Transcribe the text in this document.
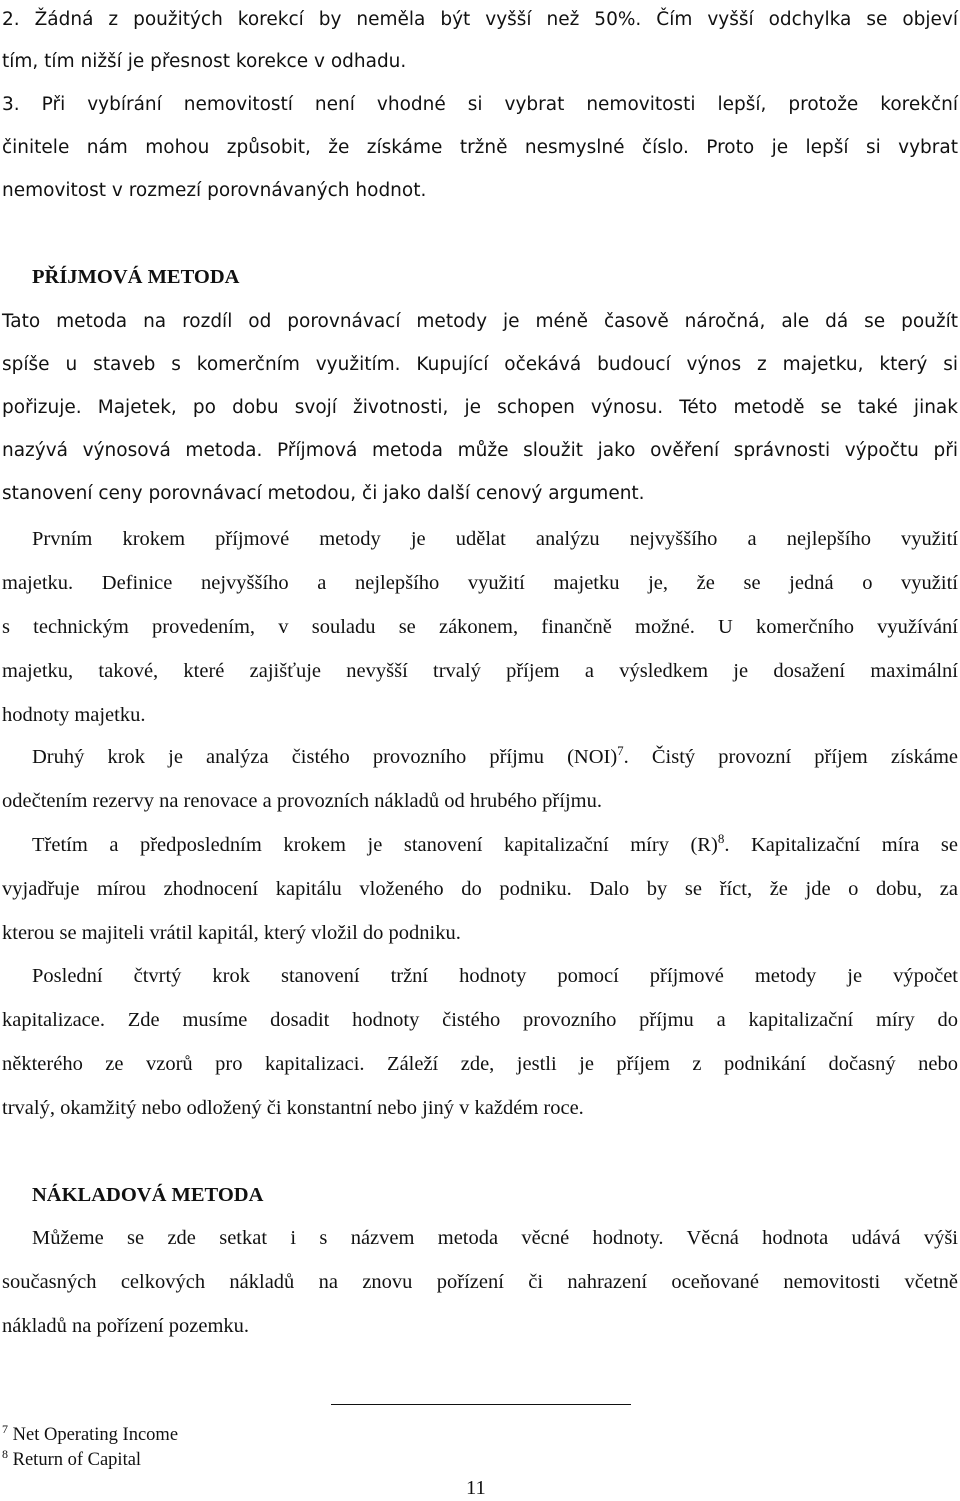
2. Žádná z použitých korekcí by neměla být vyšší než 50%. Čím vyšší odchylka se objeví
tím, tím nižší je přesnost korekce v odhadu.
3. Při vybírání nemovitostí není vhodné si vybrat nemovitosti lepší, protože korekční
činitele nám mohou způsobit, že získáme tržně nesmyslné číslo. Proto je lepší si vybrat
nemovitost v rozmezí porovnávaných hodnot.
PŘÍJMOVÁ METODA
Tato metoda na rozdíl od porovnávací metody je méně časově náročná, ale dá se použít
spíše u staveb s komerčním využitím. Kupující očekává budoucí výnos z majetku, který si
pořizuje. Majetek, po dobu svojí životnosti, je schopen výnosu. Této metodě se také jinak
nazývá výnosová metoda. Příjmová metoda může sloužit jako ověření správnosti výpočtu při
stanovení ceny porovnávací metodou, či jako další cenový argument.
Prvním krokem příjmové metody je udělat analýzu nejvyššího a nejlepšího využití
majetku. Definice nejvyššího a nejlepšího využití majetku je, že se jedná o využití
s technickým provedením, v souladu se zákonem, finančně možné. U komerčního využívání
majetku, takové, které zajišťuje nevyšší trvalý příjem a výsledkem je dosažení maximální
hodnoty majetku.
Druhý krok je analýza čistého provozního příjmu (NOI)$^7$. Čistý provozní příjem získáme
odečtením rezervy na renovace a provozních nákladů od hrubého příjmu.
Třetím a předposledním krokem je stanovení kapitalizační míry $(R)^8$. Kapitalizační míra se
vyjadřuje mírou zhodnocení kapitálu vloženého do podniku. Dalo by se říct, že jde o dobu, za
kterou se majiteli vrátil kapitál, který vložil do podniku.
Poslední čtvrtý krok stanovení tržní hodnoty pomocí příjmové metody je výpočet
kapitalizace. Zde musíme dosadit hodnoty čistého provozního příjmu a kapitalizační míry do
některého ze vzorů pro kapitalizaci. Záleží zde, jestli je příjem z podnikání dočasný nebo
trvalý, okamžitý nebo odložený či konstantní nebo jiný v každém roce.
NÁKLADOVÁ METODA
Můžeme se zde setkat i s názvem metoda věcné hodnoty. Věcná hodnota udává výši
současných celkových nákladů na znovu pořízení či nahrazení oceňované nemovitosti včetně
nákladů na pořízení pozemku.
$^7$ Net Operating Income
$^8$ Return of Capital
11
